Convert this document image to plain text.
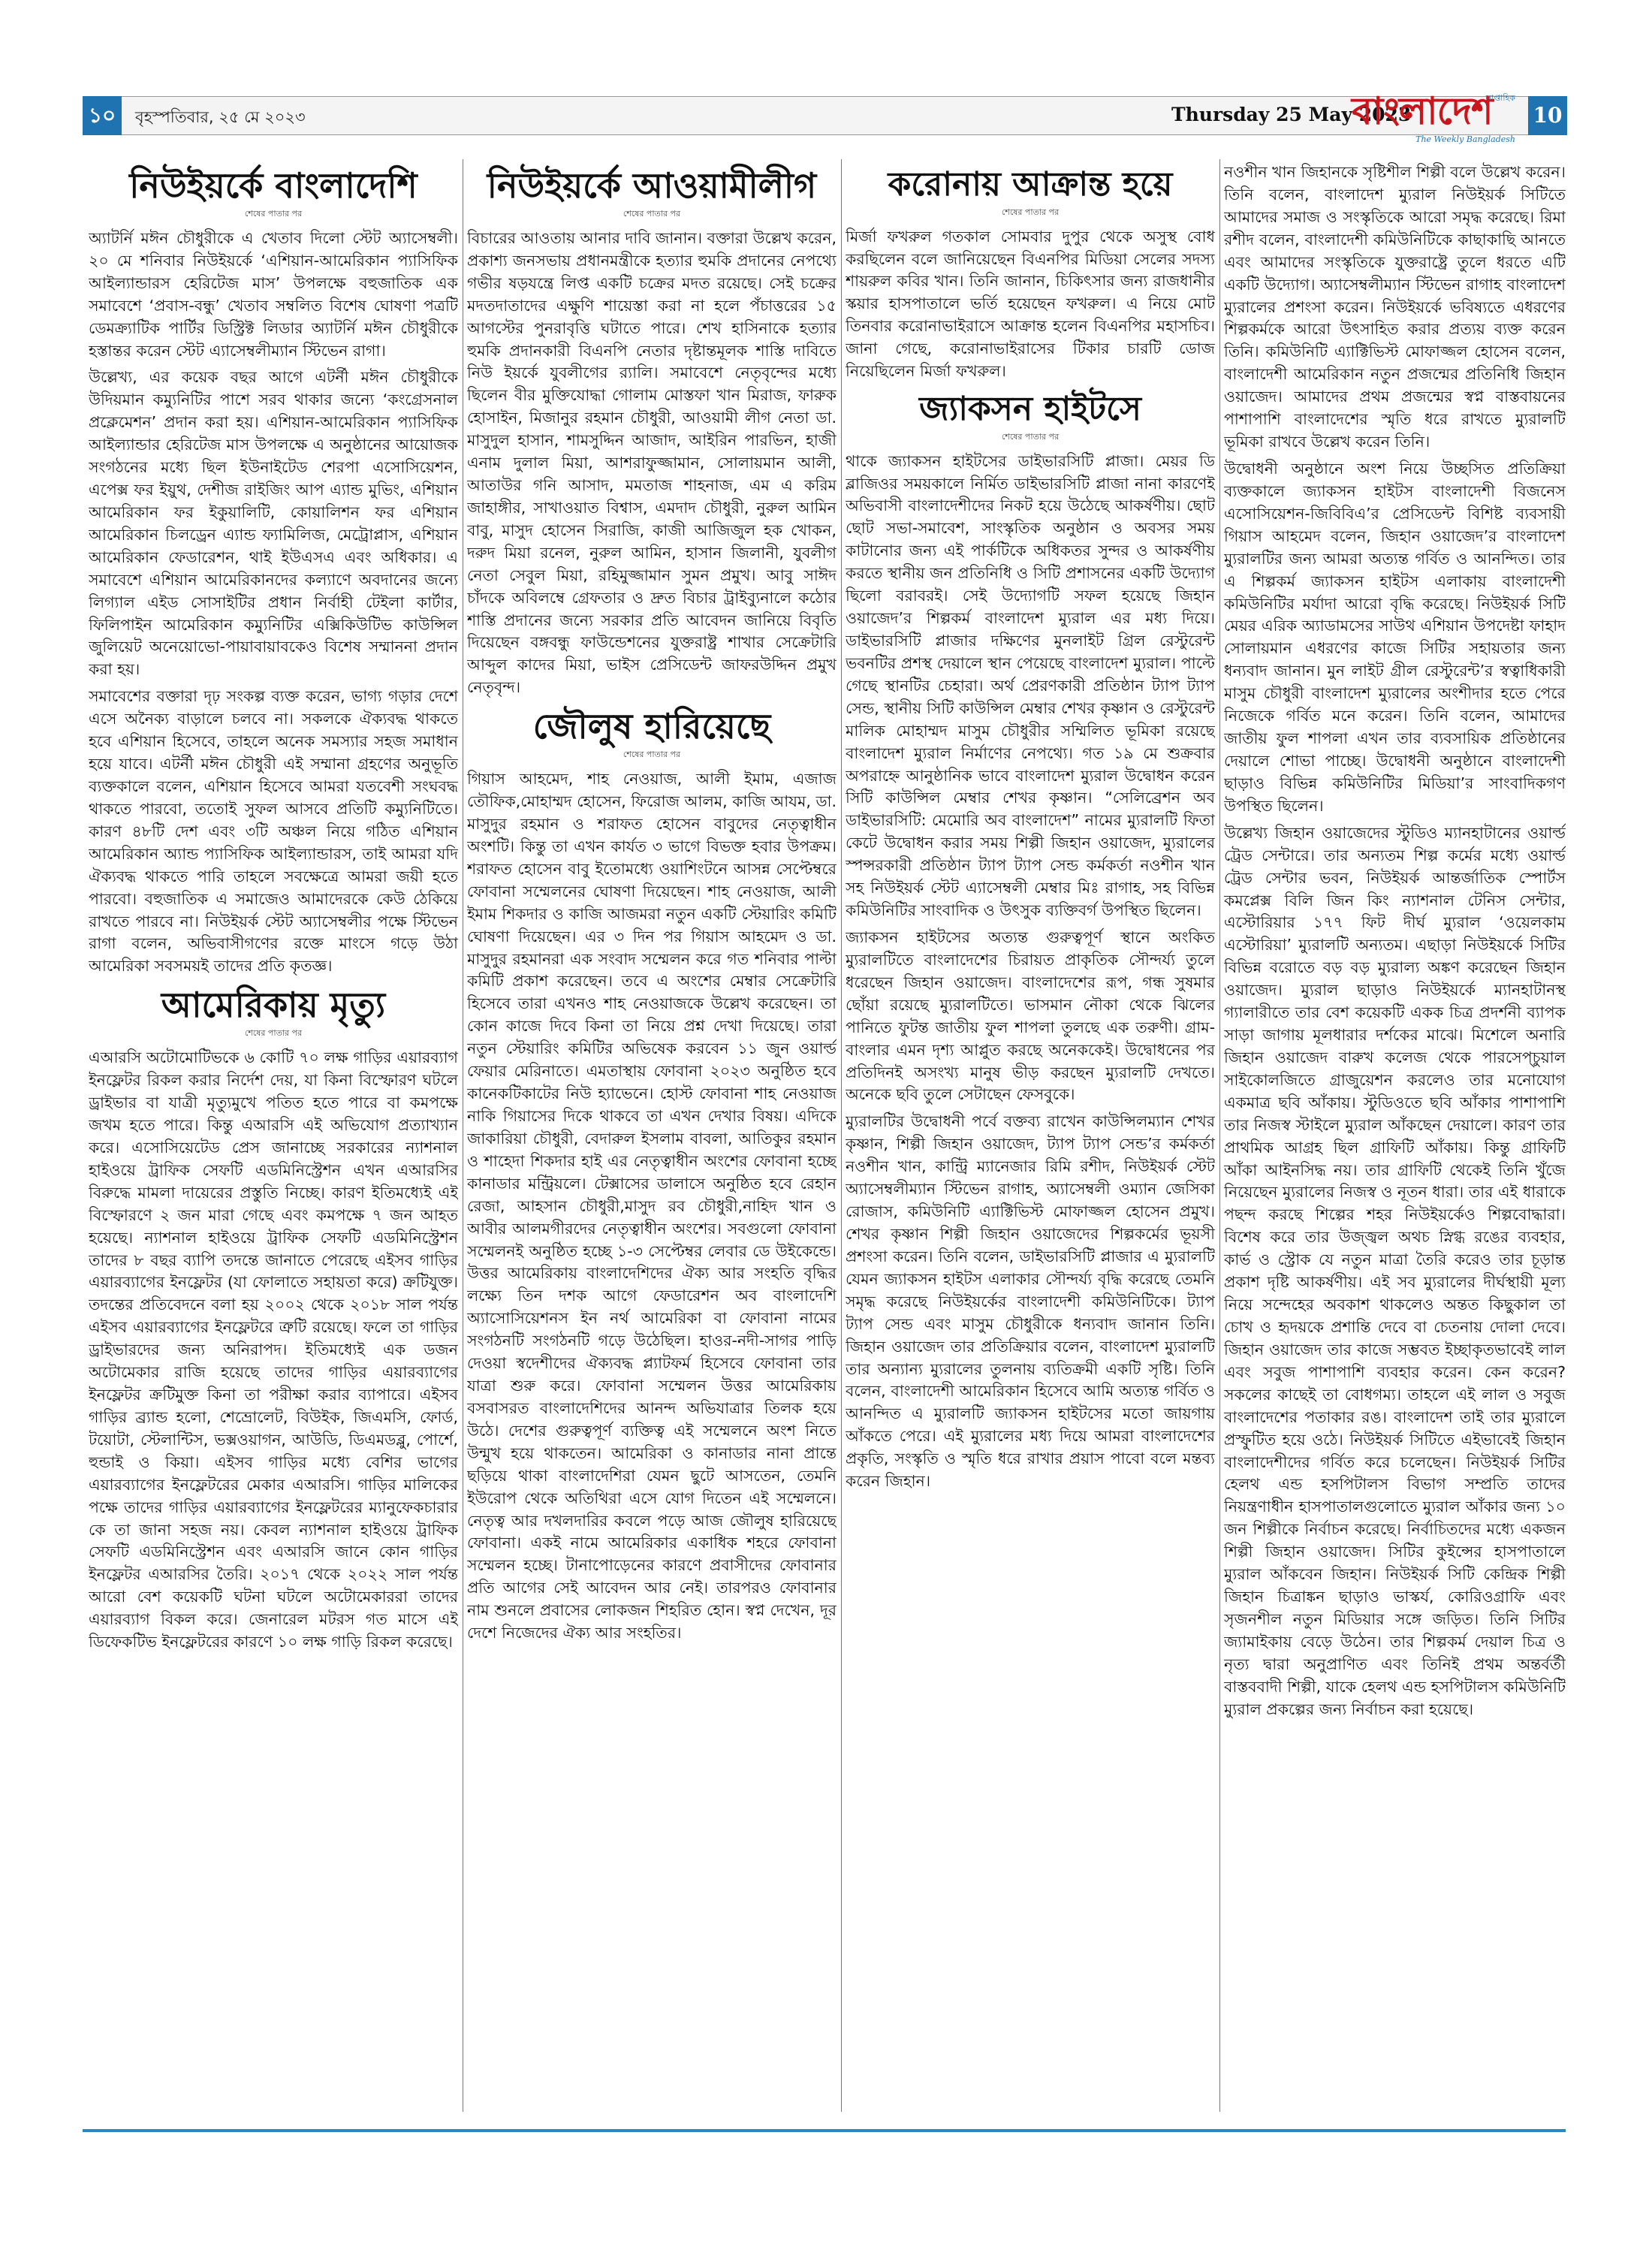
১০	বৃহস্পতিবার, ২৫ মে ২০২৩	Thursday 25 May 2023
সাপ্তাহিক
বাংলাদেশ
The Weekly Bangladesh
10
নিউইয়র্কে বাংলাদেশি
শেষের পাতার পর

অ্যাটর্নি মঈন চৌধুরীকে এ খেতাব দিলো স্টেট অ্যাসেম্বলী। ২০ মে শনিবার নিউইয়র্কে ‘এশিয়ান-আমেরিকান প্যাসিফিক আইল্যান্ডারস হেরিটেজ মাস’ উপলক্ষে বহুজাতিক এক সমাবেশে ‘প্রবাস-বন্ধু’ খেতাব সম্বলিত বিশেষ ঘোষণা পত্রটি ডেমক্র্যাটিক পার্টির ডিস্ট্রিক্ট লিডার অ্যাটর্নি মঈন চৌধুরীকে হস্তান্তর করেন স্টেট এ্যাসেম্বলীম্যান স্টিভেন রাগা।

উল্লেখ্য, এর কয়েক বছর আগে এটর্নী মঈন চৌধুরীকে উদিয়মান কম্যুনিটির পাশে সরব থাকার জন্যে ‘কংগ্রেসনাল প্রক্লেমেশন’ প্রদান করা হয়। এশিয়ান-আমেরিকান প্যাসিফিক আইল্যান্ডার হেরিটেজ মাস উপলক্ষে এ অনুষ্ঠানের আয়োজক সংগঠনের মধ্যে ছিল ইউনাইটেড শেরপা এসোসিয়েশন, এপেক্স ফর ইয়ুথ, দেশীজ রাইজিং আপ এ্যান্ড মুভিং, এশিয়ান আমেরিকান ফর ইকুয়ালিটি, কোয়ালিশন ফর এশিয়ান আমেরিকান চিলড্রেন এ্যান্ড ফ্যামিলিজ, মেট্রোপ্লাস, এশিয়ান আমেরিকান ফেডারেশন, থাই ইউএসএ এবং অধিকার। এ সমাবেশে এশিয়ান আমেরিকানদের কল্যাণে অবদানের জন্যে লিগ্যাল এইড সোসাইটির প্রধান নির্বাহী টেইলা কার্টার, ফিলিপাইন আমেরিকান কম্যুনিটির এক্সিকিউটিভ কাউন্সিল জুলিয়েট অনেয়োভো-পায়াবায়াবকেও বিশেষ সম্মাননা প্রদান করা হয়।

সমাবেশের বক্তারা দৃঢ় সংকল্প ব্যক্ত করেন, ভাগ্য গড়ার দেশে এসে অনৈক্য বাড়ালে চলবে না। সকলকে ঐক্যবদ্ধ থাকতে হবে এশিয়ান হিসেবে, তাহলে অনেক সমস্যার সহজ সমাধান হয়ে যাবে। এটর্নী মঈন চৌধুরী এই সম্মানা গ্রহণের অনুভূতি ব্যক্তকালে বলেন, এশিয়ান হিসেবে আমরা যতবেশী সংঘবদ্ধ থাকতে পারবো, ততোই সুফল আসবে প্রতিটি কম্যুনিটিতে। কারণ ৪৮টি দেশ এবং ৩টি অঞ্চল নিয়ে গঠিত এশিয়ান আমেরিকান অ্যান্ড প্যাসিফিক আইল্যান্ডারস, তাই আমরা যদি ঐক্যবদ্ধ থাকতে পারি তাহলে সবক্ষেত্রে আমরা জয়ী হতে পারবো। বহুজাতিক এ সমাজেও আমাদেরকে কেউ ঠেকিয়ে রাখতে পারবে না। নিউইয়র্ক স্টেট অ্যাসেম্বলীর পক্ষে স্টিভেন রাগা বলেন, অভিবাসীগণের রক্তে মাংসে গড়ে উঠা আমেরিকা সবসময়ই তাদের প্রতি কৃতজ্ঞ।

আমেরিকায় মৃত্যু
শেষের পাতার পর

এআরসি অটোমোটিভকে ৬ কোটি ৭০ লক্ষ গাড়ির এয়ারব্যাগ ইনফ্লেটর রিকল করার নির্দেশ দেয়, যা কিনা বিস্ফোরণ ঘটলে ড্রাইভার বা যাত্রী মৃত্যুমুখে পতিত হতে পারে বা কমপক্ষে জখম হতে পারে। কিন্তু এআরসি এই অভিযোগ প্রত্যাখ্যান করে। এসোসিয়েটেড প্রেস জানাচ্ছে সরকারের ন্যাশনাল হাইওয়ে ট্রাফিক সেফটি এডমিনিস্ট্রেশন এখন এআরসির বিরুদ্ধে মামলা দায়েরের প্রস্তুতি নিচ্ছে। কারণ ইতিমধ্যেই এই বিস্ফোরণে ২ জন মারা গেছে এবং কমপক্ষে ৭ জন আহত হয়েছে। ন্যাশনাল হাইওয়ে ট্রাফিক সেফটি এডমিনিস্ট্রেশন তাদের ৮ বছর ব্যাপি তদন্তে জানাতে পেরেছে এইসব গাড়ির এয়ারব্যাগের ইনফ্লেটর (যা ফোলাতে সহায়তা করে) ক্রটিযুক্ত। তদন্তের প্রতিবেদনে বলা হয় ২০০২ থেকে ২০১৮ সাল পর্যন্ত এইসব এয়ারব্যাগের ইনফ্লেটরে ত্রুটি রয়েছে। ফলে তা গাড়ির ড্রাইভারদের জন্য অনিরাপদ। ইতিমধ্যেই এক ডজন অটোমেকার রাজি হয়েছে তাদের গাড়ির এয়ারব্যাগের ইনফ্লেটর ক্রটিমুক্ত কিনা তা পরীক্ষা করার ব্যাপারে। এইসব গাড়ির ব্র্যান্ড হলো, শেভ্রোলেট, বিউইক, জিএমসি, ফোর্ড, টয়োটা, স্টেলান্টিস, ভক্সওয়াগন, আউডি, ডিএমডব্লু, পোর্শে, হুন্ডাই ও কিয়া। এইসব গাড়ির মধ্যে বেশির ভাগের এয়ারব্যাগের ইনফ্লেটরের মেকার এআরসি। গাড়ির মালিকের পক্ষে তাদের গাড়ির এয়ারব্যাগের ইনফ্লেটরের ম্যানুফেকচারার কে তা জানা সহজ নয়। কেবল ন্যাশনাল হাইওয়ে ট্রাফিক সেফটি এডমিনিস্ট্রেশন এবং এআরসি জানে কোন গাড়ির ইনফ্লেটর এআরসির তৈরি। ২০১৭ থেকে ২০২২ সাল পর্যন্ত আরো বেশ কয়েকটি ঘটনা ঘটলে অটোমেকাররা তাদের এয়ারব্যাগ বিকল করে। জেনারেল মটরস গত মাসে এই ডিফেকটিভ ইনফ্লেটরের কারণে ১০ লক্ষ গাড়ি রিকল করেছে।

নিউইয়র্কে আওয়ামীলীগ
শেষের পাতার পর

বিচারের আওতায় আনার দাবি জানান। বক্তারা উল্লেখ করেন, প্রকাশ্য জনসভায় প্রধানমন্ত্রীকে হত্যার হুমকি প্রদানের নেপথ্যে গভীর ষড়যন্ত্রে লিপ্ত একটি চক্রের মদত রয়েছে। সেই চক্রের মদতদাতাদের এক্ষুণি শায়েস্তা করা না হলে পঁচাত্তরের ১৫ আগস্টের পুনরাবৃত্তি ঘটাতে পারে। শেখ হাসিনাকে হত্যার হুমকি প্রদানকারী বিএনপি নেতার দৃষ্টান্তমূলক শাস্তি দাবিতে নিউ ইয়র্কে যুবলীগের র‌্যালি। সমাবেশে নেতৃবৃন্দের মধ্যে ছিলেন বীর মুক্তিযোদ্ধা গোলাম মোস্তফা খান মিরাজ, ফারুক হোসাইন, মিজানুর রহমান চৌধুরী, আওয়ামী লীগ নেতা ডা. মাসুদুল হাসান, শামসুদ্দিন আজাদ, আইরিন পারভিন, হাজী এনাম দুলাল মিয়া, আশরাফুজ্জামান, সোলায়মান আলী, আতাউর গনি আসাদ, মমতাজ শাহনাজ, এম এ করিম জাহাঙ্গীর, সাখাওয়াত বিশ্বাস, এমদাদ চৌধুরী, নুরুল আমিন বাবু, মাসুদ হোসেন সিরাজি, কাজী আজিজুল হক খোকন, দরুদ মিয়া রনেল, নুরুল আমিন, হাসান জিলানী, যুবলীগ নেতা সেবুল মিয়া, রহিমুজ্জামান সুমন প্রমুখ। আবু সাঈদ চাঁদকে অবিলম্বে গ্রেফতার ও দ্রুত বিচার ট্রাইব্যুনালে কঠোর শাস্তি প্রদানের জন্যে সরকার প্রতি আবেদন জানিয়ে বিবৃতি দিয়েছেন বঙ্গবন্ধু ফাউন্ডেশনের যুক্তরাষ্ট্র শাখার সেক্রেটারি আব্দুল কাদের মিয়া, ভাইস প্রেসিডেন্ট জাফরউদ্দিন প্রমুখ নেতৃবৃন্দ।

জৌলুষ হারিয়েছে
শেষের পাতার পর

গিয়াস আহমেদ, শাহ নেওয়াজ, আলী ইমাম, এজাজ তৌফিক,মোহাম্মদ হোসেন, ফিরোজ আলম, কাজি আযম, ডা. মাসুদুর রহমান ও শরাফত হোসেন বাবুদের নেতৃত্বাধীন অংশটি। কিন্তু তা এখন কার্যত ৩ ভাগে বিভক্ত হবার উপক্রম। শরাফত হোসেন বাবু ইতোমধ্যে ওয়াশিংটনে আসন্ন সেপ্টেম্বরে ফোবানা সম্মেলনের ঘোষণা দিয়েছেন। শাহ নেওয়াজ, আলী ইমাম শিকদার ও কাজি আজমরা নতুন একটি স্টেয়ারিং কমিটি ঘোষণা দিয়েছেন। এর ৩ দিন পর গিয়াস আহমেদ ও ডা. মাসুদুর রহমানরা এক সংবাদ সম্মেলন করে গত শনিবার পাল্টা কমিটি প্রকাশ করেছেন। তবে এ অংশের মেম্বার সেক্রেটারি হিসেবে তারা এখনও শাহ নেওয়াজকে উল্লেখ করেছেন। তা কোন কাজে দিবে কিনা তা নিয়ে প্রশ্ন দেখা দিয়েছে। তারা নতুন স্টেয়ারিং কমিটির অভিষেক করবেন ১১ জুন ওয়ার্ল্ড ফেয়ার মেরিনাতে। এমতাস্থায় ফোবানা ২০২৩ অনুষ্ঠিত হবে কানেকটিকাটের নিউ হ্যাভেনে। হোস্ট ফোবানা শাহ নেওয়াজ নাকি গিয়াসের দিকে থাকবে তা এখন দেখার বিষয়। এদিকে জাকারিয়া চৌধুরী, বেদারুল ইসলাম বাবলা, আতিকুর রহমান ও শাহেদা শিকদার হাই এর নেতৃত্বাধীন অংশের ফোবানা হচ্ছে কানাডার মন্ট্রিয়লে। টেক্সাসের ডালাসে অনুষ্ঠিত হবে রেহান রেজা, আহসান চৌধুরী,মাসুদ রব চৌধুরী,নাহিদ খান ও আবীর আলমগীরদের নেতৃত্বাধীন অংশের। সবগুলো ফোবানা সম্মেলনই অনুষ্ঠিত হচ্ছে ১-৩ সেপ্টেম্বর লেবার ডে উইকেন্ডে। উত্তর আমেরিকায় বাংলাদেশিদের ঐক্য আর সংহতি বৃদ্ধির লক্ষ্যে তিন দশক আগে ফেডারেশন অব বাংলাদেশি অ্যাসোসিয়েশনস ইন নর্থ আমেরিকা বা ফোবানা নামের সংগঠনটি সংগঠনটি গড়ে উঠেছিল। হাওর-নদী-সাগর পাড়ি দেওয়া স্বদেশীদের ঐক্যবদ্ধ প্ল্যাটফর্ম হিসেবে ফোবানা তার যাত্রা শুরু করে। ফোবানা সম্মেলন উত্তর আমেরিকায় বসবাসরত বাংলাদেশিদের আনন্দ অভিযাত্রার তিলক হয়ে উঠে। দেশের গুরুত্বপূর্ণ ব্যক্তিত্ব এই সম্মেলনে অংশ নিতে উন্মুখ হয়ে থাকতেন। আমেরিকা ও কানাডার নানা প্রান্তে ছড়িয়ে থাকা বাংলাদেশিরা যেমন ছুটে আসতেন, তেমনি ইউরোপ থেকে অতিথিরা এসে যোগ দিতেন এই সম্মেলনে। নেতৃত্ব আর দখলদারির কবলে পড়ে আজ জৌলুষ হারিয়েছে ফোবানা। একই নামে আমেরিকার একাধিক শহরে ফোবানা সম্মেলন হচ্ছে। টানাপোড়েনের কারণে প্রবাসীদের ফোবানার প্রতি আগের সেই আবেদন আর নেই। তারপরও ফোবানার নাম শুনলে প্রবাসের লোকজন শিহরিত হোন। স্বপ্ন দেখেন, দূর দেশে নিজেদের ঐক্য আর সংহতির।

করোনায় আক্রান্ত হয়ে
শেষের পাতার পর

মির্জা ফখরুল গতকাল সোমবার দুপুর থেকে অসুস্থ বোধ করছিলেন বলে জানিয়েছেন বিএনপির মিডিয়া সেলের সদস্য শায়রুল কবির খান। তিনি জানান, চিকিৎসার জন্য রাজধানীর স্কয়ার হাসপাতালে ভর্তি হয়েছেন ফখরুল। এ নিয়ে মোট তিনবার করোনাভাইরাসে আক্রান্ত হলেন বিএনপির মহাসচিব। জানা গেছে, করোনাভাইরাসের টিকার চারটি ডোজ নিয়েছিলেন মির্জা ফখরুল।

জ্যাকসন হাইটসে
শেষের পাতার পর

থাকে জ্যাকসন হাইটসের ডাইভারসিটি প্লাজা। মেয়র ডি ব্লাজিওর সময়কালে নির্মিত ডাইভারসিটি প্লাজা নানা কারণেই অভিবাসী বাংলাদেশীদের নিকট হয়ে উঠেছে আকর্ষণীয়। ছোট ছোট সভা-সমাবেশ, সাংস্কৃতিক অনুষ্ঠান ও অবসর সময় কাটানোর জন্য এই পার্কটিকে অধিকতর সুন্দর ও আকর্ষণীয় করতে স্থানীয় জন প্রতিনিধি ও সিটি প্রশাসনের একটি উদ্যোগ ছিলো বরাবরই। সেই উদ্যোগটি সফল হয়েছে জিহান ওয়াজেদ’র শিল্পকর্ম বাংলাদেশ ম্যুরাল এর মধ্য দিয়ে। ডাইভারসিটি প্লাজার দক্ষিণের মুনলাইট গ্রিল রেস্টুরেন্ট ভবনটির প্রশস্থ দেয়ালে স্থান পেয়েছে বাংলাদেশ ম্যুরাল। পাল্টে গেছে স্থানটির চেহারা। অর্থ প্রেরণকারী প্রতিষ্ঠান ট্যাপ ট্যাপ সেন্ড, স্থানীয় সিটি কাউন্সিল মেম্বার শেখর কৃষ্ণান ও রেস্টুরেন্ট মালিক মোহাম্মদ মাসুম চৌধুরীর সম্মিলিত ভূমিকা রয়েছে বাংলাদেশ ম্যুরাল নির্মাণের নেপথ্যে। গত ১৯ মে শুক্রবার অপরাহ্নে আনুষ্ঠানিক ভাবে বাংলাদেশ ম্যুরাল উদ্বোধন করেন সিটি কাউন্সিল মেম্বার শেখর কৃষ্ণান। “সেলিব্রেশন অব ডাইভারসিটি: মেমোরি অব বাংলাদেশ” নামের ম্যুরালটি ফিতা কেটে উদ্বোধন করার সময় শিল্পী জিহান ওয়াজেদ, ম্যুরালের স্পন্সরকারী প্রতিষ্ঠান ট্যাপ ট্যাপ সেন্ড কর্মকর্তা নওশীন খান সহ নিউইয়র্ক স্টেট এ্যাসেম্বলী মেম্বার মিঃ রাগাহ, সহ বিভিন্ন কমিউনিটির সাংবাদিক ও উৎসুক ব্যক্তিবর্গ উপস্থিত ছিলেন।

জ্যাকসন হাইটসের অত্যন্ত গুরুত্বপূর্ণ স্থানে অংকিত ম্যুরালটিতে বাংলাদেশের চিরায়ত প্রাকৃতিক সৌন্দর্য্য তুলে ধরেছেন জিহান ওয়াজেদ। বাংলাদেশের রূপ, গন্ধ সুষমার ছোঁয়া রয়েছে ম্যুরালটিতে। ভাসমান নৌকা থেকে ঝিলের পানিতে ফুটন্ত জাতীয় ফুল শাপলা তুলছে এক তরুণী। গ্রাম-বাংলার এমন দৃশ্য আপ্লুত করছে অনেককেই। উদ্বোধনের পর প্রতিদিনই অসংখ্য মানুষ ভীড় করছেন ম্যুরালটি দেখতে। অনেকে ছবি তুলে সেটাছেন ফেসবুকে।

ম্যুরালটির উদ্বোধনী পর্বে বক্তব্য রাখেন কাউন্সিলম্যান শেখর কৃষ্ণান, শিল্পী জিহান ওয়াজেদ, ট্যাপ ট্যাপ সেন্ড’র কর্মকর্তা নওশীন খান, কান্ট্রি ম্যানেজার রিমি রশীদ, নিউইয়র্ক স্টেট অ্যাসেম্বলীম্যান স্টিভেন রাগাহ, অ্যাসেম্বলী ওম্যান জেসিকা রোজাস, কমিউনিটি এ্যাক্টিভিস্ট মোফাজ্জল হোসেন প্রমুখ। শেখর কৃষ্ণান শিল্পী জিহান ওয়াজেদের শিল্পকর্মের ভূয়সী প্রশংসা করেন। তিনি বলেন, ডাইভারসিটি প্লাজার এ ম্যুরালটি যেমন জ্যাকসন হাইটস এলাকার সৌন্দর্য্য বৃদ্ধি করেছে তেমনি সমৃদ্ধ করেছে নিউইয়র্কের বাংলাদেশী কমিউনিটিকে। ট্যাপ ট্যাপ সেন্ড এবং মাসুম চৌধুরীকে ধন্যবাদ জানান তিনি। জিহান ওয়াজেদ তার প্রতিক্রিয়ার বলেন, বাংলাদেশ ম্যুরালটি তার অন্যান্য ম্যুরালের তুলনায় ব্যতিক্রমী একটি সৃষ্টি। তিনি বলেন, বাংলাদেশী আমেরিকান হিসেবে আমি অত্যন্ত গর্বিত ও আনন্দিত এ ম্যুরালটি জ্যাকসন হাইটসের মতো জায়গায় আঁকতে পেরে। এই ম্যুরালের মধ্য দিয়ে আমরা বাংলাদেশের প্রকৃতি, সংস্কৃতি ও স্মৃতি ধরে রাখার প্রয়াস পাবো বলে মন্তব্য করেন জিহান।

নওশীন খান জিহানকে সৃষ্টিশীল শিল্পী বলে উল্লেখ করেন। তিনি বলেন, বাংলাদেশ ম্যুরাল নিউইয়র্ক সিটিতে আমাদের সমাজ ও সংস্কৃতিকে আরো সমৃদ্ধ করেছে। রিমা রশীদ বলেন, বাংলাদেশী কমিউনিটিকে কাছাকাছি আনতে এবং আমাদের সংস্কৃতিকে যুক্তরাষ্ট্রে তুলে ধরতে এটি একটি উদ্যোগ। অ্যাসেম্বলীম্যান স্টিভেন রাগাহ বাংলাদেশ ম্যুরালের প্রশংসা করেন। নিউইয়র্কে ভবিষ্যতে এধরণের শিল্পকর্মকে আরো উৎসাহিত করার প্রত্যয় ব্যক্ত করেন তিনি। কমিউনিটি এ্যাক্টিভিস্ট মোফাজ্জল হোসেন বলেন, বাংলাদেশী আমেরিকান নতুন প্রজন্মের প্রতিনিধি জিহান ওয়াজেদ। আমাদের প্রথম প্রজন্মের স্বপ্ন বাস্তবায়নের পাশাপাশি বাংলাদেশের স্মৃতি ধরে রাখতে ম্যুরালটি ভূমিকা রাখবে উল্লেখ করেন তিনি।

উদ্বোধনী অনুষ্ঠানে অংশ নিয়ে উচ্ছসিত প্রতিক্রিয়া ব্যক্তকালে জ্যাকসন হাইটস বাংলাদেশী বিজনেস এসোসিয়েশন-জিবিবিএ’র প্রেসিডেন্ট বিশিষ্ট ব্যবসায়ী গিয়াস আহমেদ বলেন, জিহান ওয়াজেদ’র বাংলাদেশ ম্যুরালটির জন্য আমরা অত্যন্ত গর্বিত ও আনন্দিত। তার এ শিল্পকর্ম জ্যাকসন হাইটস এলাকায় বাংলাদেশী কমিউনিটির মর্যাদা আরো বৃদ্ধি করেছে। নিউইয়র্ক সিটি মেয়র এরিক অ্যাডামসের সাউথ এশিয়ান উপদেষ্টা ফাহাদ সোলায়মান এধরণের কাজে সিটির সহায়তার জন্য ধন্যবাদ জানান। মুন লাইট গ্রীল রেস্টুরেন্ট’র স্বত্বাধিকারী মাসুম চৌধুরী বাংলাদেশ ম্যুরালের অংশীদার হতে পেরে নিজেকে গর্বিত মনে করেন। তিনি বলেন, আমাদের জাতীয় ফুল শাপলা এখন তার ব্যবসায়িক প্রতিষ্ঠানের দেয়ালে শোভা পাচ্ছে। উদ্বোধনী অনুষ্ঠানে বাংলাদেশী ছাড়াও বিভিন্ন কমিউনিটির মিডিয়া’র সাংবাদিকগণ উপস্থিত ছিলেন।

উল্লেখ্য জিহান ওয়াজেদের স্টুডিও ম্যানহাটানের ওয়ার্ল্ড ট্রেড সেন্টারে। তার অন্যতম শিল্প কর্মের মধ্যে ওয়ার্ল্ড ট্রেড সেন্টার ভবন, নিউইয়র্ক আন্তর্জাতিক স্পোর্টস কমপ্লেক্স বিলি জিন কিং ন্যাশনাল টেনিস সেন্টার, এস্টোরিয়ার ১৭৭ ফিট দীর্ঘ ম্যুরাল ‘ওয়েলকাম এস্টোরিয়া’ ম্যুরালটি অন্যতম। এছাড়া নিউইয়র্কে সিটির বিভিন্ন বরোতে বড় বড় ম্যুরাল্য অঙ্কণ করেছেন জিহান ওয়াজেদ। ম্যুরাল ছাড়াও নিউইয়র্কে ম্যানহাটানস্থ গ্যালারীতে তার বেশ কয়েকটি একক চিত্র প্রদর্শনী ব্যাপক সাড়া জাগায় মূলধারার দর্শকের মাঝে। মিশেলে অনারি জিহান ওয়াজেদ বারুখ কলেজ থেকে পারসেপ্চুয়াল সাইকোলজিতে গ্রাজুয়েশন করলেও তার মনোযোগ একমাত্র ছবি আঁকায়। স্টুডিওতে ছবি আঁকার পাশাপাশি তার নিজস্ব স্টাইলে ম্যুরাল আঁকছেন দেয়ালে। কারণ তার প্রাথমিক আগ্রহ ছিল গ্রাফিটি আঁকায়। কিন্তু গ্রাফিটি আঁকা আইনসিদ্ধ নয়। তার গ্রাফিটি থেকেই তিনি খুঁজে নিয়েছেন ম্যুরালের নিজস্ব ও নূতন ধারা। তার এই ধারাকে পছন্দ করছে শিল্পের শহর নিউইয়র্কেও শিল্পবোদ্ধারা। বিশেষ করে তার উজ্জ্বল অথচ স্নিগ্ধ রঙের ব্যবহার, কার্ভ ও স্ট্রোক যে নতুন মাত্রা তৈরি করেও তার চূড়ান্ত প্রকাশ দৃষ্টি আকর্ষণীয়। এই সব ম্যুরালের দীর্ঘস্থায়ী মূল্য নিয়ে সন্দেহের অবকাশ থাকলেও অন্তত কিছুকাল তা চোখ ও হৃদয়কে প্রশান্তি দেবে বা চেতনায় দোলা দেবে। জিহান ওয়াজেদ তার কাজে সম্ভবত ইচ্ছাকৃতভাবেই লাল এবং সবুজ পাশাপাশি ব্যবহার করেন। কেন করেন? সকলের কাছেই তা বোধগম্য। তাহলে এই লাল ও সবুজ বাংলাদেশের পতাকার রঙ। বাংলাদেশ তাই তার ম্যুরালে প্রস্ফুটিত হয়ে ওঠে। নিউইয়র্ক সিটিতে এইভাবেই জিহান বাংলাদেশীদের গর্বিত করে চলেছেন। নিউইয়র্ক সিটির হেলথ এন্ড হসপিটালস বিভাগ সম্প্রতি তাদের নিয়ন্ত্রণাধীন হাসপাতালগুলোতে ম্যুরাল আঁকার জন্য ১০ জন শিল্পীকে নির্বাচন করেছে। নির্বাচিতদের মধ্যে একজন শিল্পী জিহান ওয়াজেদ। সিটির কুইন্সের হাসপাতালে ম্যুরাল আঁকবেন জিহান। নিউইয়র্ক সিটি কেন্দ্রিক শিল্পী জিহান চিত্রাঙ্কন ছাড়াও ভাস্কর্য, কোরিওগ্রাফি এবং সৃজনশীল নতুন মিডিয়ার সঙ্গে জড়িত। তিনি সিটির জ্যামাইকায় বেড়ে উঠেন। তার শিল্পকর্ম দেয়াল চিত্র ও নৃত্য দ্বারা অনুপ্রাণিত এবং তিনিই প্রথম অন্তর্বর্তী বাস্তববাদী শিল্পী, যাকে হেলথ এন্ড হসপিটালস কমিউনিটি ম্যুরাল প্রকল্পের জন্য নির্বাচন করা হয়েছে।
